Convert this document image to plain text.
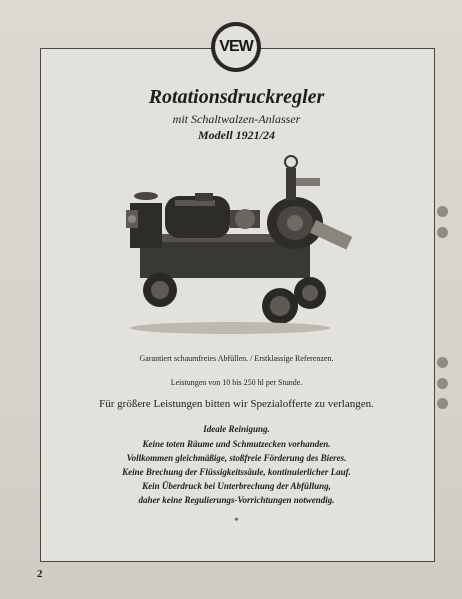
VEW
Rotationsdruckregler
mit Schaltwalzen-Anlasser
Modell 1921/24
Garantiert schaumfreies Abfüllen. / Erstklassige Referenzen.
Leistungen von 10 bis 250 hl per Stunde.
Für größere Leistungen bitten wir Spezialofferte zu verlangen.
Ideale Reinigung.
Keine toten Räume und Schmutzecken vorhanden.
Vollkommen gleichmäßige, stoßfreie Förderung des Bieres.
Keine Brechung der Flüssigkeitssäule, kontinuierlicher Lauf.
Kein Überdruck bei Unterbrechung der Abfüllung,
daher keine Regulierungs-Vorrichtungen notwendig.
*
2
